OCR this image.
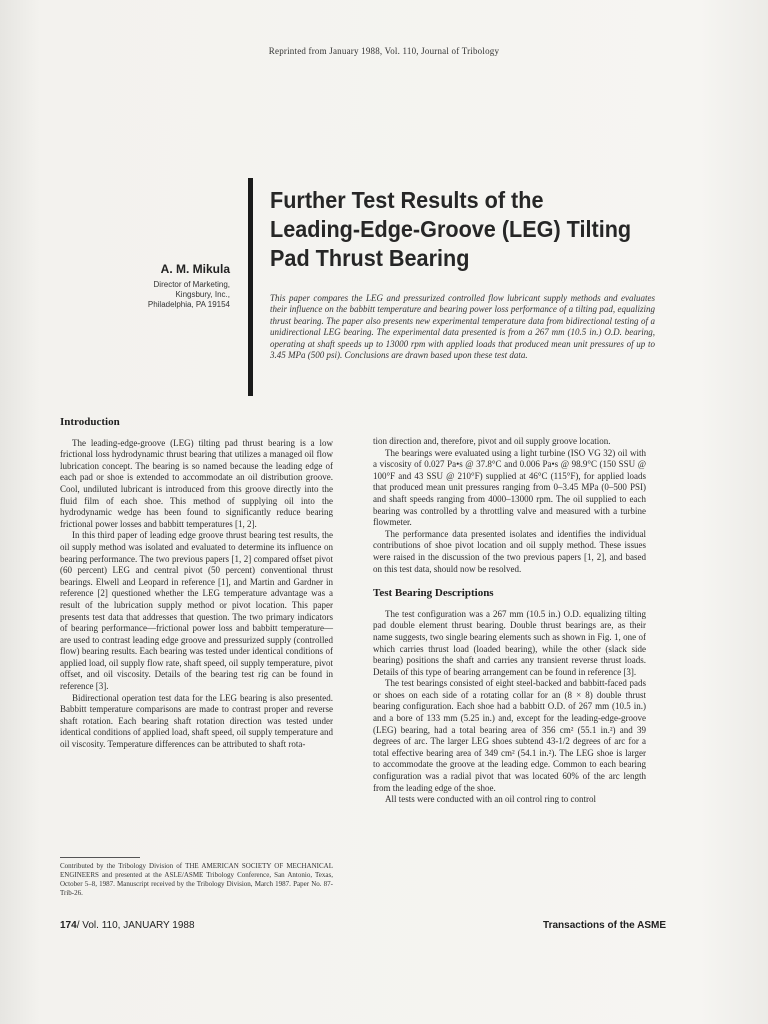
Reprinted from January 1988, Vol. 110, Journal of Tribology
Further Test Results of the
Leading-Edge-Groove (LEG) Tilting
Pad Thrust Bearing
A. M. Mikula
Director of Marketing,
Kingsbury, Inc.,
Philadelphia, PA 19154
This paper compares the LEG and pressurized controlled flow lubricant supply methods and evaluates their influence on the babbitt temperature and bearing power loss performance of a tilting pad, equalizing thrust bearing. The paper also presents new experimental temperature data from bidirectional testing of a unidirectional LEG bearing. The experimental data presented is from a 267 mm (10.5 in.) O.D. bearing, operating at shaft speeds up to 13000 rpm with applied loads that produced mean unit pressures of up to 3.45 MPa (500 psi). Conclusions are drawn based upon these test data.
Introduction

The leading-edge-groove (LEG) tilting pad thrust bearing is a low frictional loss hydrodynamic thrust bearing that utilizes a managed oil flow lubrication concept. The bearing is so named because the leading edge of each pad or shoe is extended to accommodate an oil distribution groove. Cool, undiluted lubricant is introduced from this groove directly into the fluid film of each shoe. This method of supplying oil into the hydrodynamic wedge has been found to significantly reduce bearing frictional power losses and babbitt temperatures [1, 2].

In this third paper of leading edge groove thrust bearing test results, the oil supply method was isolated and evaluated to determine its influence on bearing performance. The two previous papers [1, 2] compared offset pivot (60 percent) LEG and central pivot (50 percent) conventional thrust bearings. Elwell and Leopard in reference [1], and Martin and Gardner in reference [2] questioned whether the LEG temperature advantage was a result of the lubrication supply method or pivot location. This paper presents test data that addresses that question. The two primary indicators of bearing performance—frictional power loss and babbitt temperature—are used to contrast leading edge groove and pressurized supply (controlled flow) bearing results. Each bearing was tested under identical conditions of applied load, oil supply flow rate, shaft speed, oil supply temperature, pivot offset, and oil viscosity. Details of the bearing test rig can be found in reference [3].

Bidirectional operation test data for the LEG bearing is also presented. Babbitt temperature comparisons are made to contrast proper and reverse shaft rotation. Each bearing shaft rotation direction was tested under identical conditions of applied load, shaft speed, oil supply temperature and oil viscosity. Temperature differences can be attributed to shaft rota-

tion direction and, therefore, pivot and oil supply groove location.

The bearings were evaluated using a light turbine (ISO VG 32) oil with a viscosity of 0.027 Pa•s @ 37.8°C and 0.006 Pa•s @ 98.9°C (150 SSU @ 100°F and 43 SSU @ 210°F) supplied at 46°C (115°F), for applied loads that produced mean unit pressures ranging from 0–3.45 MPa (0–500 PSI) and shaft speeds ranging from 4000–13000 rpm. The oil supplied to each bearing was controlled by a throttling valve and measured with a turbine flowmeter.

The performance data presented isolates and identifies the individual contributions of shoe pivot location and oil supply method. These issues were raised in the discussion of the two previous papers [1, 2], and based on this test data, should now be resolved.

Test Bearing Descriptions

The test configuration was a 267 mm (10.5 in.) O.D. equalizing tilting pad double element thrust bearing. Double thrust bearings are, as their name suggests, two single bearing elements such as shown in Fig. 1, one of which carries thrust load (loaded bearing), while the other (slack side bearing) positions the shaft and carries any transient reverse thrust loads. Details of this type of bearing arrangement can be found in reference [3].

The test bearings consisted of eight steel-backed and babbitt-faced pads or shoes on each side of a rotating collar for an (8 × 8) double thrust bearing configuration. Each shoe had a babbitt O.D. of 267 mm (10.5 in.) and a bore of 133 mm (5.25 in.) and, except for the leading-edge-groove (LEG) bearing, had a total bearing area of 356 cm² (55.1 in.²) and 39 degrees of arc. The larger LEG shoes subtend 43-1/2 degrees of arc for a total effective bearing area of 349 cm² (54.1 in.²). The LEG shoe is larger to accommodate the groove at the leading edge. Common to each bearing configuration was a radial pivot that was located 60% of the arc length from the leading edge of the shoe.

All tests were conducted with an oil control ring to control

Contributed by the Tribology Division of THE AMERICAN SOCIETY OF MECHANICAL ENGINEERS and presented at the ASLE/ASME Tribology Conference, San Antonio, Texas, October 5–8, 1987. Manuscript received by the Tribology Division, March 1987. Paper No. 87-Trib-26.
174/ Vol. 110, JANUARY 1988	Transactions of the ASME
